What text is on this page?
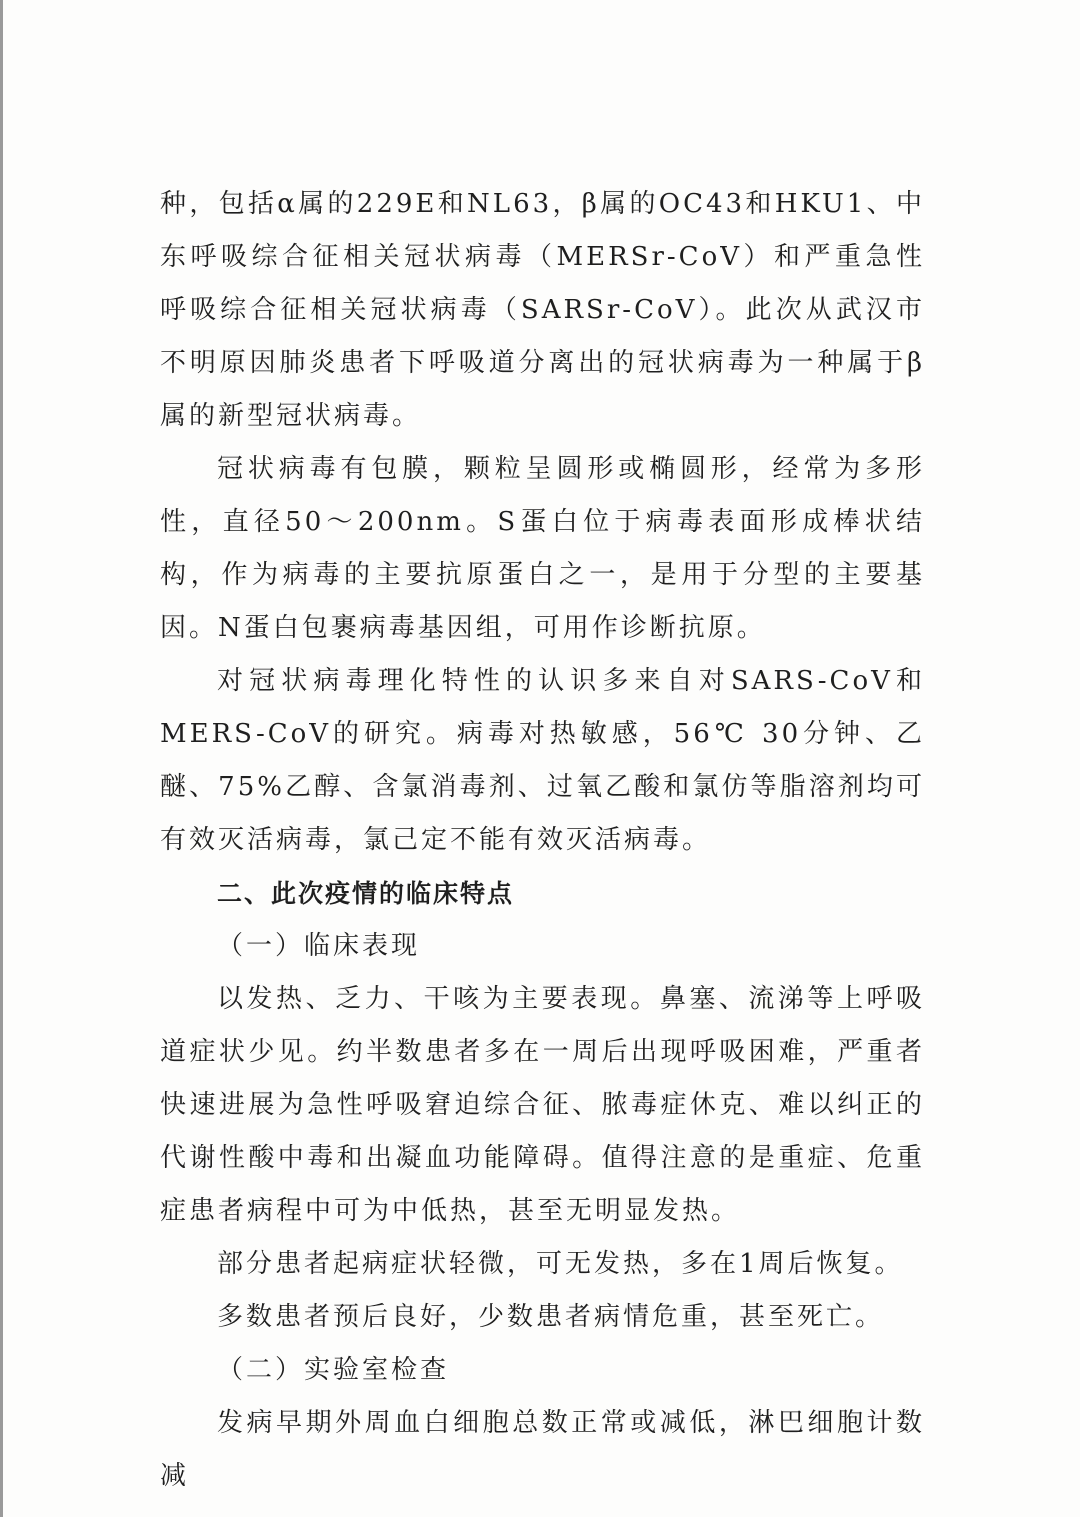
种，包括α属的229E和NL63，β属的OC43和HKU1、中东呼吸综合征相关冠状病毒（MERSr-CoV）和严重急性呼吸综合征相关冠状病毒（SARSr-CoV）。此次从武汉市不明原因肺炎患者下呼吸道分离出的冠状病毒为一种属于β属的新型冠状病毒。

冠状病毒有包膜，颗粒呈圆形或椭圆形，经常为多形性，直径50～200nm。S蛋白位于病毒表面形成棒状结构，作为病毒的主要抗原蛋白之一，是用于分型的主要基因。N蛋白包裹病毒基因组，可用作诊断抗原。

对冠状病毒理化特性的认识多来自对SARS-CoV和MERS-CoV的研究。病毒对热敏感，56℃ 30分钟、乙醚、75%乙醇、含氯消毒剂、过氧乙酸和氯仿等脂溶剂均可有效灭活病毒，氯己定不能有效灭活病毒。

二、此次疫情的临床特点

（一）临床表现

以发热、乏力、干咳为主要表现。鼻塞、流涕等上呼吸道症状少见。约半数患者多在一周后出现呼吸困难，严重者快速进展为急性呼吸窘迫综合征、脓毒症休克、难以纠正的代谢性酸中毒和出凝血功能障碍。值得注意的是重症、危重症患者病程中可为中低热，甚至无明显发热。

部分患者起病症状轻微，可无发热，多在1周后恢复。

多数患者预后良好，少数患者病情危重，甚至死亡。

（二）实验室检查

发病早期外周血白细胞总数正常或减低，淋巴细胞计数减
